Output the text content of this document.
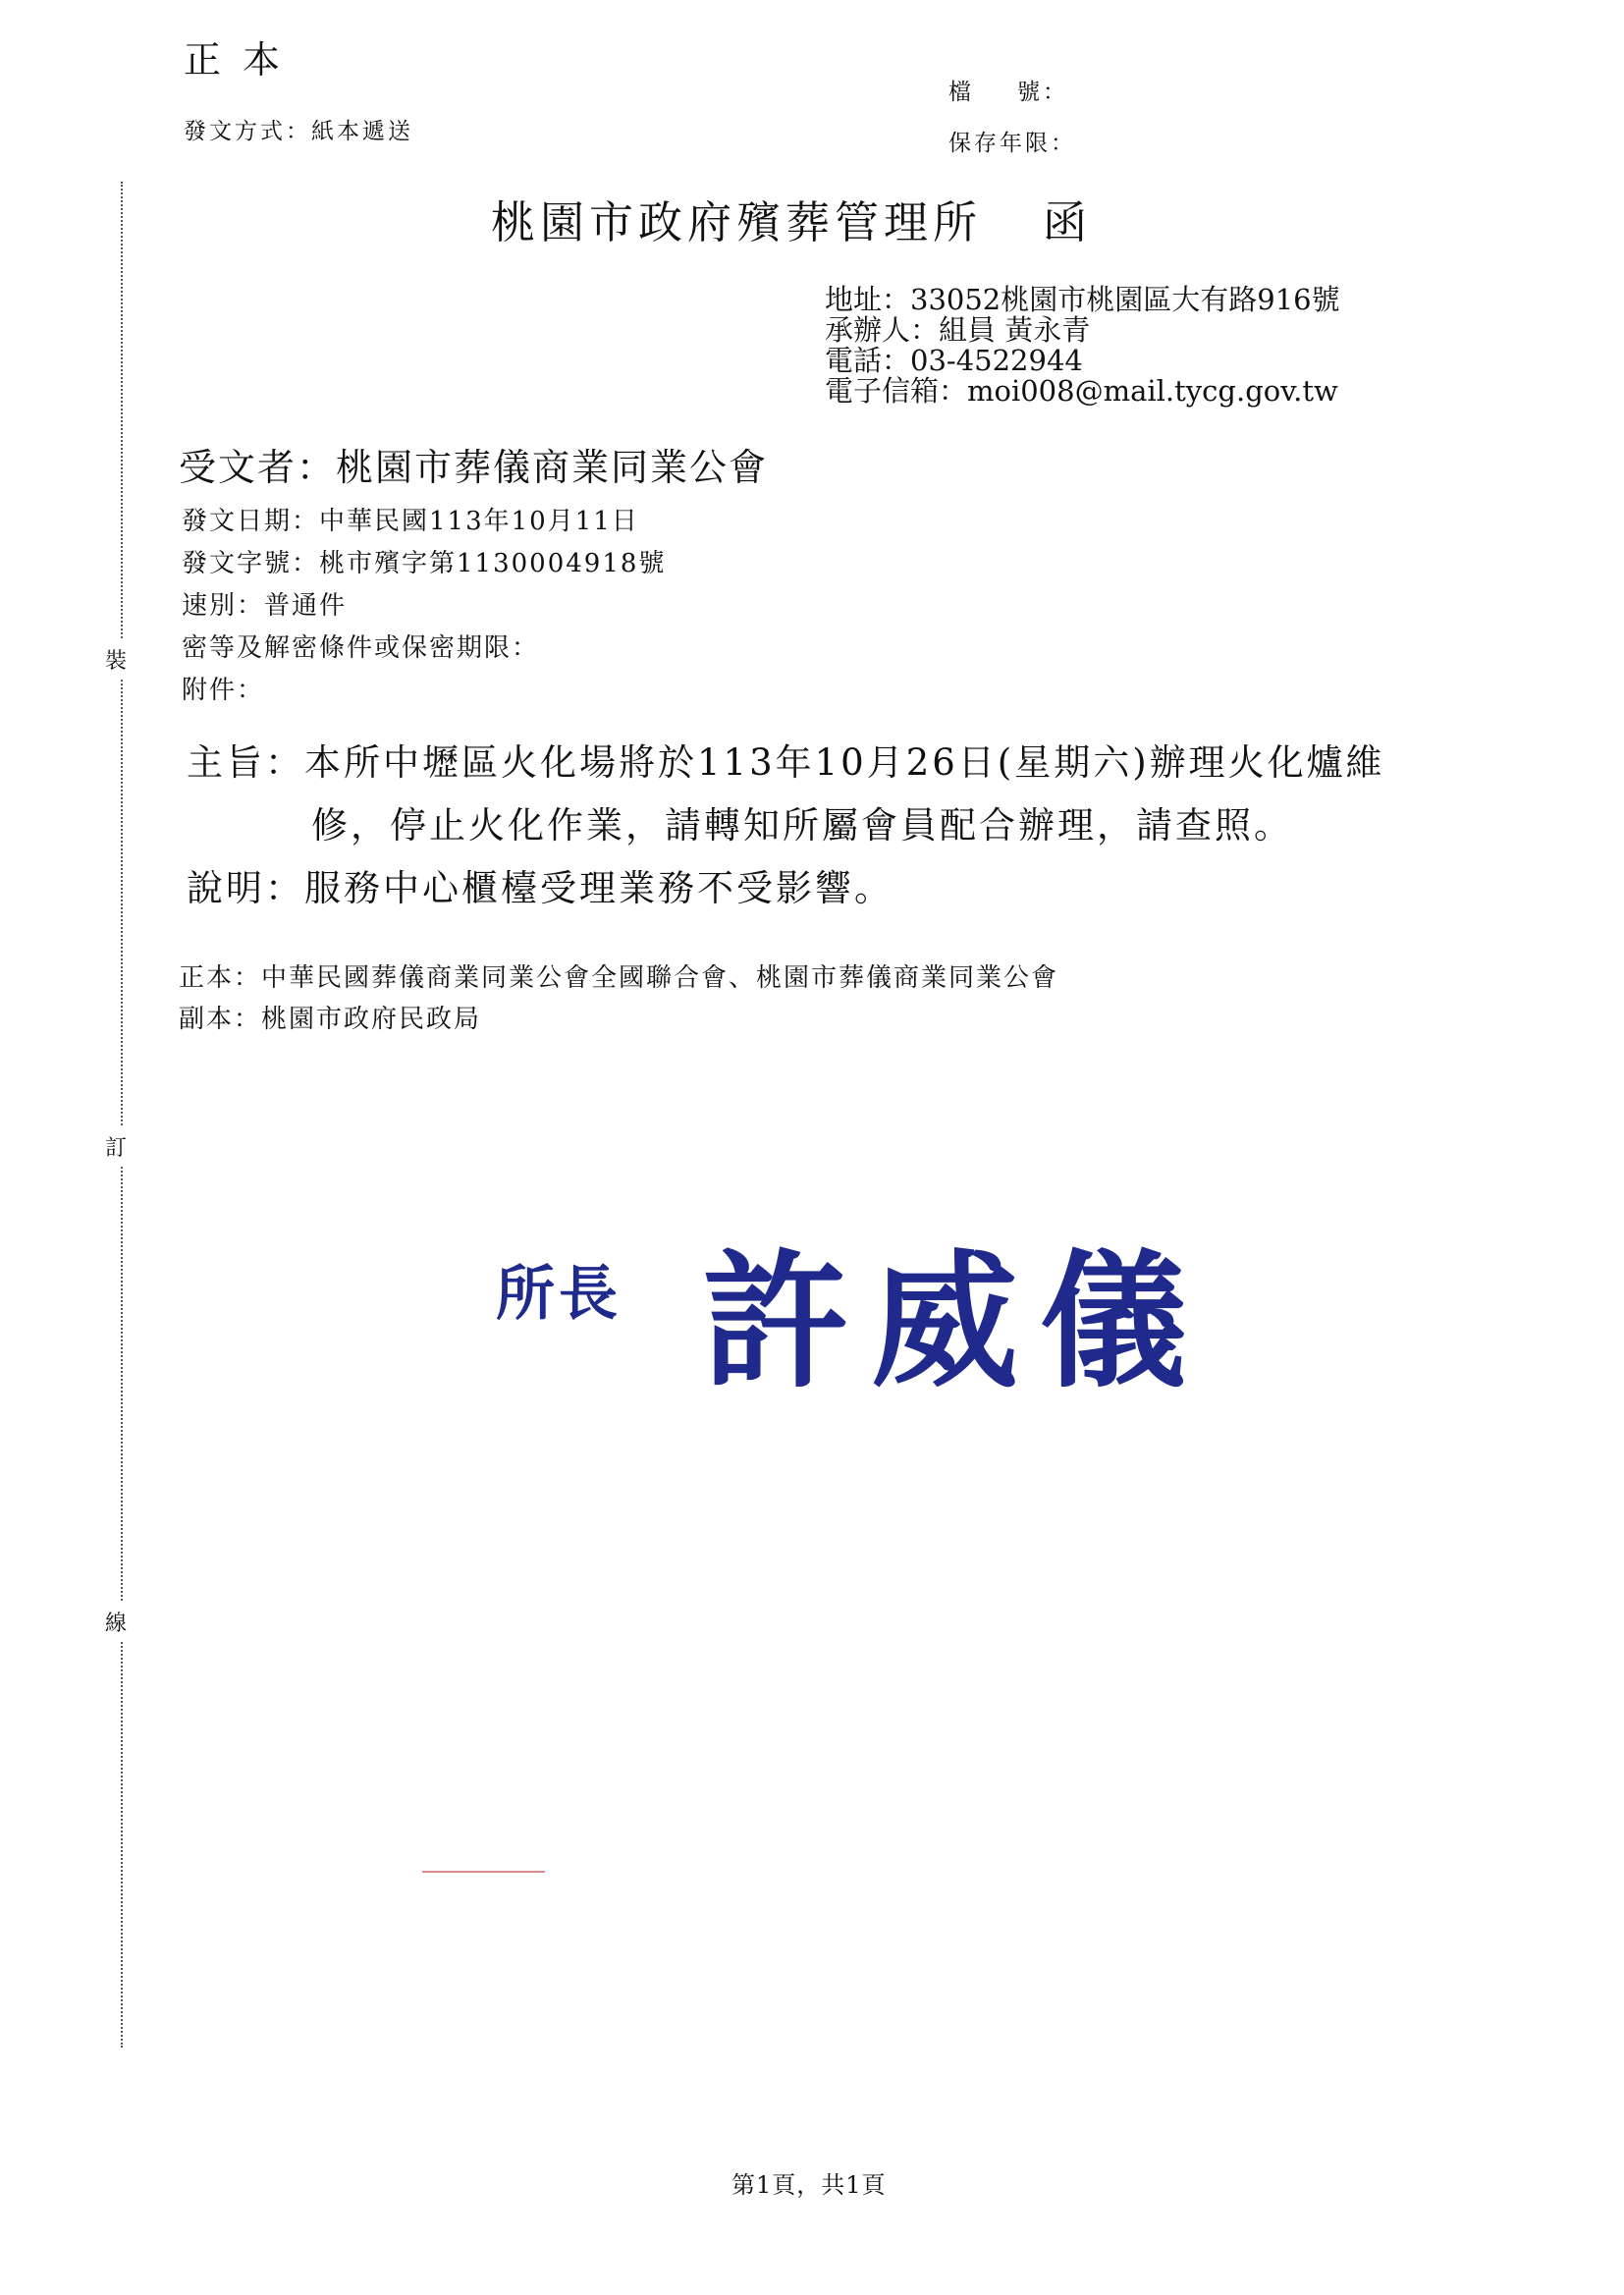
正本
發文方式：紙本遞送
檔 號：
保存年限：
桃園市政府殯葬管理所 函
地址：33052桃園市桃園區大有路916號
承辦人：組員 黃永青
電話：03-4522944
電子信箱：moi008@mail.tycg.gov.tw
受文者：桃園市葬儀商業同業公會
發文日期：中華民國113年10月11日
發文字號：桃市殯字第1130004918號
速別：普通件
密等及解密條件或保密期限：
附件：
主旨：本所中壢區火化場將於113年10月26日(星期六)辦理火化爐維
修，停止火化作業，請轉知所屬會員配合辦理，請查照。
說明：服務中心櫃檯受理業務不受影響。
正本：中華民國葬儀商業同業公會全國聯合會、桃園市葬儀商業同業公會
副本：桃園市政府民政局
裝
訂
線
所長 許威儀
第1頁，共1頁
